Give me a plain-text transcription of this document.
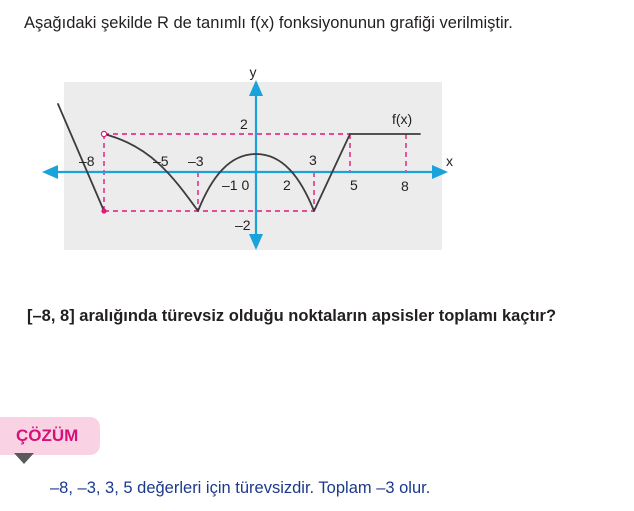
Aşağıdaki şekilde R de tanımlı f(x) fonksiyonunun grafiği verilmiştir.
y
x
f(x)
–8	–5 –3
–1 0 2
3
5	8
2
–2
[–8, 8] aralığında türevsiz olduğu noktaların apsisler toplamı kaçtır?
ÇÖZÜM
–8, –3, 3, 5 değerleri için türevsizdir. Toplam –3 olur.
